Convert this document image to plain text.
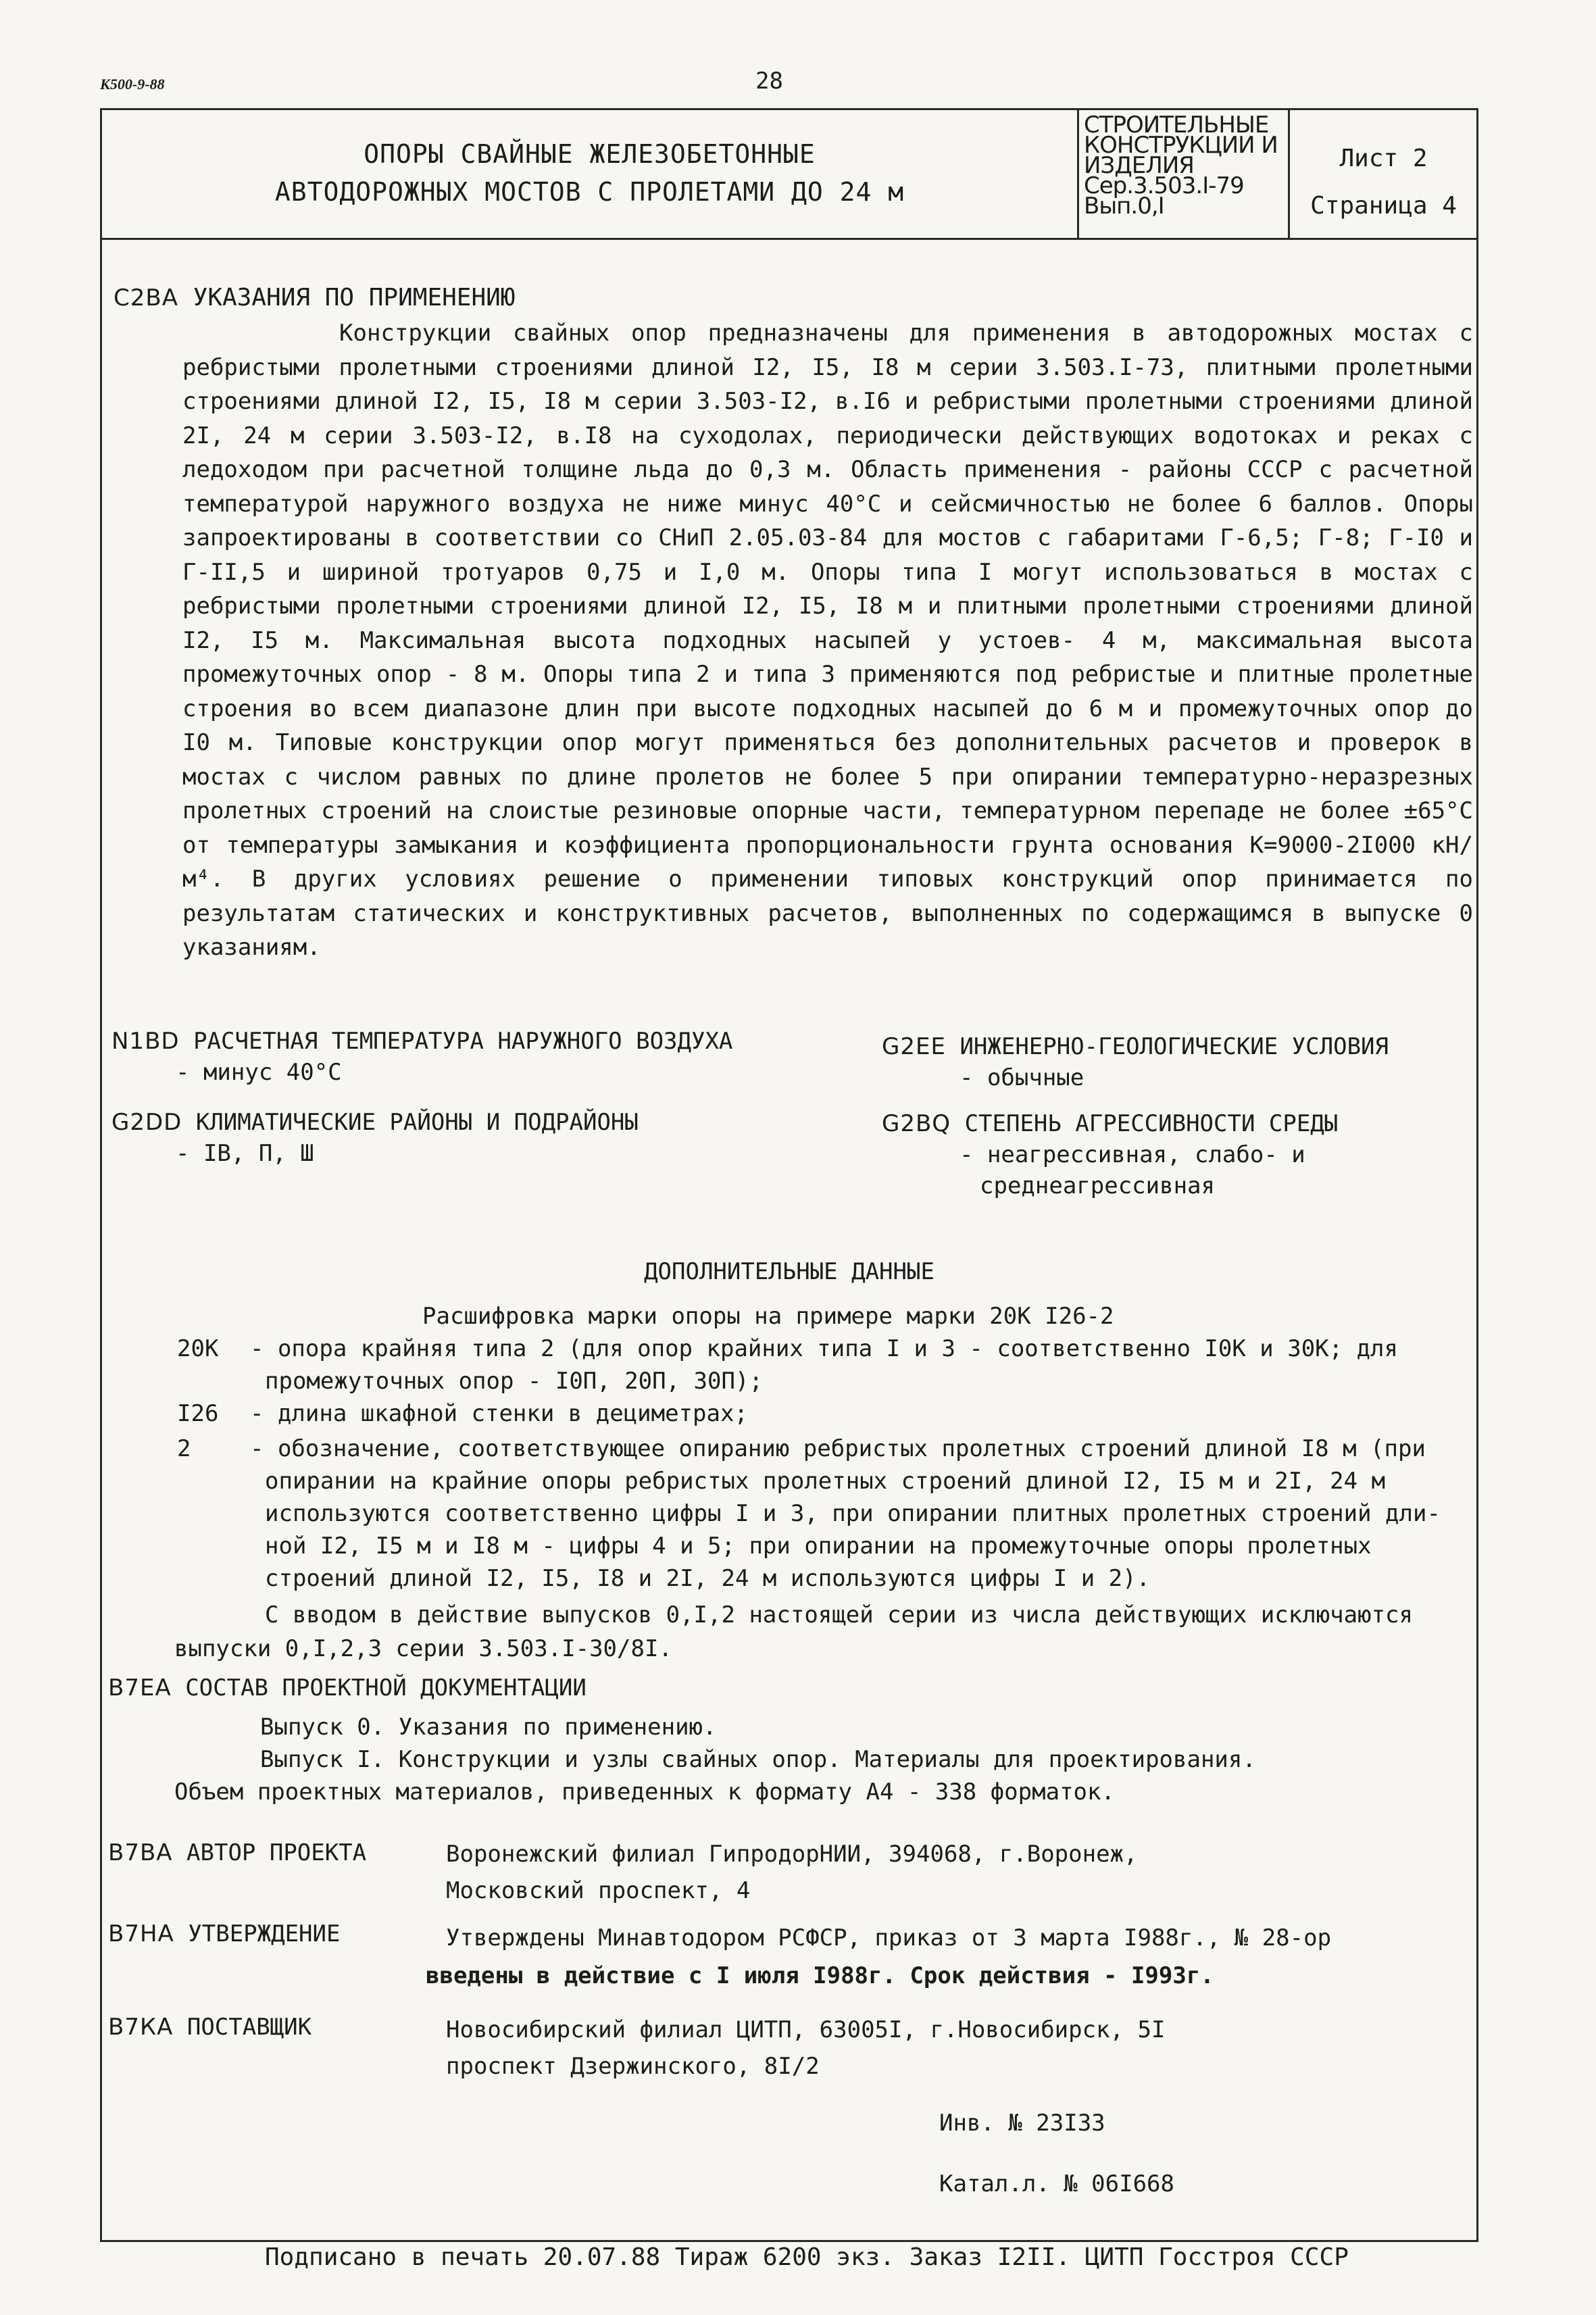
К500-9-88	28
ОПОРЫ СВАЙНЫЕ ЖЕЛЕЗОБЕТОННЫЕ
АВТОДОРОЖНЫХ МОСТОВ С ПРОЛЕТАМИ ДО 24 м
СТРОИТЕЛЬНЫЕ
КОНСТРУКЦИИ И
ИЗДЕЛИЯ
Сер.3.503.I-79
Вып.0,I
Лист 2
Страница 4
С2ВА УКАЗАНИЯ ПО ПРИМЕНЕНИЮ

Конструкции свайных опор предназначены для применения в автодорожных мостах с ребристыми пролетными строениями длиной I2, I5, I8 м серии 3.503.I-73, плитными пролетными строениями длиной I2, I5, I8 м серии 3.503-I2, в.I6 и ребристыми пролетными строениями длиной 2I, 24 м серии 3.503-I2, в.I8 на суходолах, периодически действующих водотоках и реках с ледоходом при расчетной толщине льда до 0,3 м. Область применения - районы СССР с расчетной температурой наружного воздуха не ниже минус 40°С и сейсмичностью не более 6 баллов. Опоры запроектированы в соответствии со СНиП 2.05.03-84 для мостов с габаритами Г-6,5; Г-8; Г-I0 и Г-II,5 и шириной тротуаров 0,75 и I,0 м. Опоры типа I могут использоваться в мостах с ребристыми пролетными строениями длиной I2, I5, I8 м и плитными пролетными строениями длиной I2, I5 м. Максимальная высота подходных насыпей у устоев- 4 м, максимальная высота промежуточных опор - 8 м. Опоры типа 2 и типа 3 применяются под ребристые и плитные пролетные строения во всем диапазоне длин при высоте подходных насыпей до 6 м и промежуточных опор до I0 м. Типовые конструкции опор могут применяться без дополнительных расчетов и проверок в мостах с числом равных по длине пролетов не более 5 при опирании температурно-неразрезных пролетных строений на слоистые резиновые опорные части, температурном перепаде не более ±65°С от температуры замыкания и коэффициента пропорциональности грунта основания К=9000-2I000 кН/м⁴. В других условиях решение о применении типовых конструкций опор принимается по результатам статических и конструктивных расчетов, выполненных по содержащимся в выпуске 0 указаниям.

N1ВD РАСЧЕТНАЯ ТЕМПЕРАТУРА НАРУЖНОГО ВОЗДУХА
- минус 40°С
G2DD КЛИМАТИЧЕСКИЕ РАЙОНЫ И ПОДРАЙОНЫ
- IВ, П, Ш
G2ЕЕ ИНЖЕНЕРНО-ГЕОЛОГИЧЕСКИЕ УСЛОВИЯ
- обычные
G2ВQ СТЕПЕНЬ АГРЕССИВНОСТИ СРЕДЫ
- неагрессивная, слабо- и
среднеагрессивная
ДОПОЛНИТЕЛЬНЫЕ ДАННЫЕ
Расшифровка марки опоры на примере марки 20К I26-2
20К - опора крайняя типа 2 (для опор крайних типа I и 3 - соответственно I0К и 30К; для
промежуточных опор - I0П, 20П, 30П);
I26 - длина шкафной стенки в дециметрах;
2	- обозначение, соответствующее опиранию ребристых пролетных строений длиной I8 м (при
опирании на крайние опоры ребристых пролетных строений длиной I2, I5 м и 2I, 24 м
используются соответственно цифры I и 3, при опирании плитных пролетных строений дли-
ной I2, I5 м и I8 м - цифры 4 и 5; при опирании на промежуточные опоры пролетных
строений длиной I2, I5, I8 и 2I, 24 м используются цифры I и 2).
С вводом в действие выпусков 0,I,2 настоящей серии из числа действующих исключаются
выпуски 0,I,2,3 серии 3.503.I-30/8I.
В7ЕА СОСТАВ ПРОЕКТНОЙ ДОКУМЕНТАЦИИ
Выпуск 0. Указания по применению.
Выпуск I. Конструкции и узлы свайных опор. Материалы для проектирования.
Объем проектных материалов, приведенных к формату А4 - 338 форматок.
В7ВА АВТОР ПРОЕКТА	Воронежский филиал ГипродорНИИ, 394068, г.Воронеж,
Московский проспект, 4
В7НА УТВЕРЖДЕНИЕ	Утверждены Минавтодором РСФСР, приказ от 3 марта I988г., № 28-ор
введены в действие с I июля I988г. Срок действия - I993г.
В7КА ПОСТАВЩИК	Новосибирский филиал ЦИТП, 63005I, г.Новосибирск, 5I
проспект Дзержинского, 8I/2
Инв. № 23I33
Катал.л. № 06I668
Подписано в печать 20.07.88 Тираж 6200 экз. Заказ I2II. ЦИТП Госстроя СССР
